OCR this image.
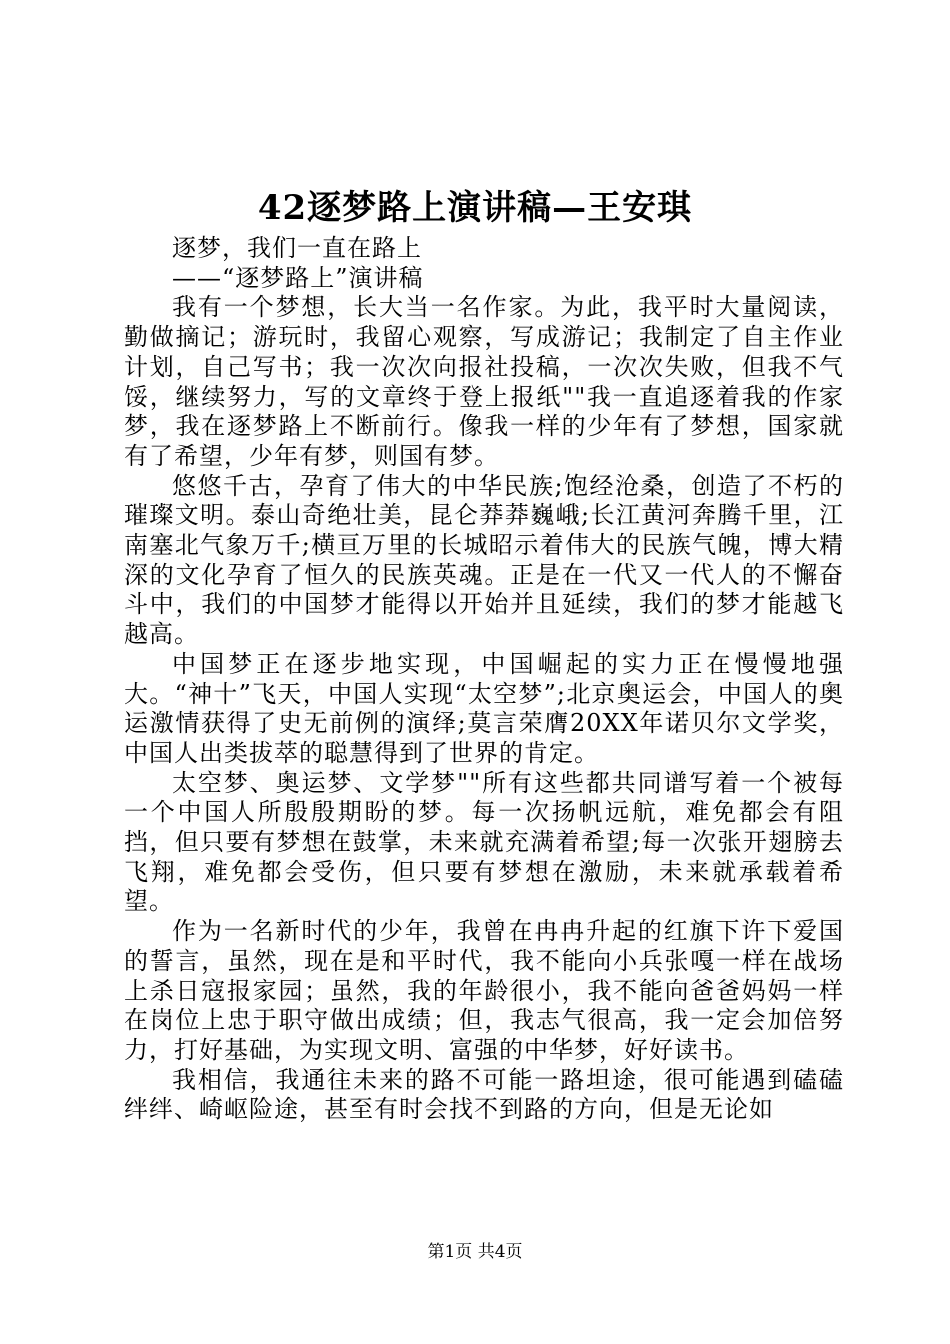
42逐梦路上演讲稿—王安琪

逐梦，我们一直在路上

——“逐梦路上”演讲稿

我有一个梦想，长大当一名作家。为此，我平时大量阅读，勤做摘记；游玩时，我留心观察，写成游记；我制定了自主作业计划，自己写书；我一次次向报社投稿，一次次失败，但我不气馁，继续努力，写的文章终于登上报纸""我一直追逐着我的作家梦，我在逐梦路上不断前行。像我一样的少年有了梦想，国家就有了希望，少年有梦，则国有梦。

悠悠千古，孕育了伟大的中华民族;饱经沧桑，创造了不朽的璀璨文明。泰山奇绝壮美，昆仑莽莽巍峨;长江黄河奔腾千里，江南塞北气象万千;横亘万里的长城昭示着伟大的民族气魄，博大精深的文化孕育了恒久的民族英魂。正是在一代又一代人的不懈奋斗中，我们的中国梦才能得以开始并且延续，我们的梦才能越飞越高。

中国梦正在逐步地实现，中国崛起的实力正在慢慢地强大。“神十”飞天，中国人实现“太空梦”;北京奥运会，中国人的奥运激情获得了史无前例的演绎;莫言荣膺20XX年诺贝尔文学奖，中国人出类拔萃的聪慧得到了世界的肯定。

太空梦、奥运梦、文学梦""所有这些都共同谱写着一个被每一个中国人所殷殷期盼的梦。每一次扬帆远航，难免都会有阻挡，但只要有梦想在鼓掌，未来就充满着希望;每一次张开翅膀去飞翔，难免都会受伤，但只要有梦想在激励，未来就承载着希望。

作为一名新时代的少年，我曾在冉冉升起的红旗下许下爱国的誓言，虽然，现在是和平时代，我不能向小兵张嘎一样在战场上杀日寇报家园；虽然，我的年龄很小，我不能向爸爸妈妈一样在岗位上忠于职守做出成绩；但，我志气很高，我一定会加倍努力，打好基础，为实现文明、富强的中华梦，好好读书。

我相信，我通往未来的路不可能一路坦途，很可能遇到磕磕绊绊、崎岖险途，甚至有时会找不到路的方向，但是无论如

第1页 共4页
